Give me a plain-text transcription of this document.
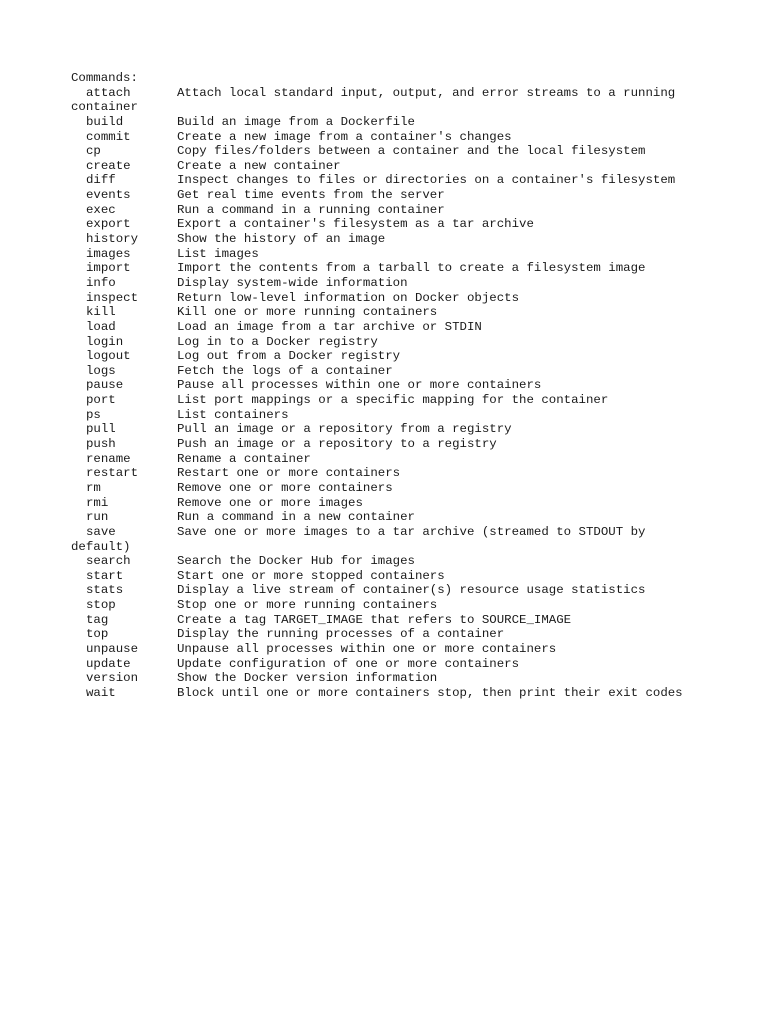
Commands:
attach	Attach local standard input, output, and error streams to a running
container
build	Build an image from a Dockerfile
commit	Create a new image from a container's changes
cp	Copy files/folders between a container and the local filesystem
create	Create a new container
diff	Inspect changes to files or directories on a container's filesystem
events	Get real time events from the server
exec	Run a command in a running container
export	Export a container's filesystem as a tar archive
history	Show the history of an image
images	List images
import	Import the contents from a tarball to create a filesystem image
info	Display system-wide information
inspect	Return low-level information on Docker objects
kill	Kill one or more running containers
load	Load an image from a tar archive or STDIN
login	Log in to a Docker registry
logout	Log out from a Docker registry
logs	Fetch the logs of a container
pause	Pause all processes within one or more containers
port	List port mappings or a specific mapping for the container
ps	List containers
pull	Pull an image or a repository from a registry
push	Push an image or a repository to a registry
rename	Rename a container
restart	Restart one or more containers
rm	Remove one or more containers
rmi	Remove one or more images
run	Run a command in a new container
save	Save one or more images to a tar archive (streamed to STDOUT by
default)
search	Search the Docker Hub for images
start	Start one or more stopped containers
stats	Display a live stream of container(s) resource usage statistics
stop	Stop one or more running containers
tag	Create a tag TARGET_IMAGE that refers to SOURCE_IMAGE
top	Display the running processes of a container
unpause	Unpause all processes within one or more containers
update	Update configuration of one or more containers
version	Show the Docker version information
wait	Block until one or more containers stop, then print their exit codes
